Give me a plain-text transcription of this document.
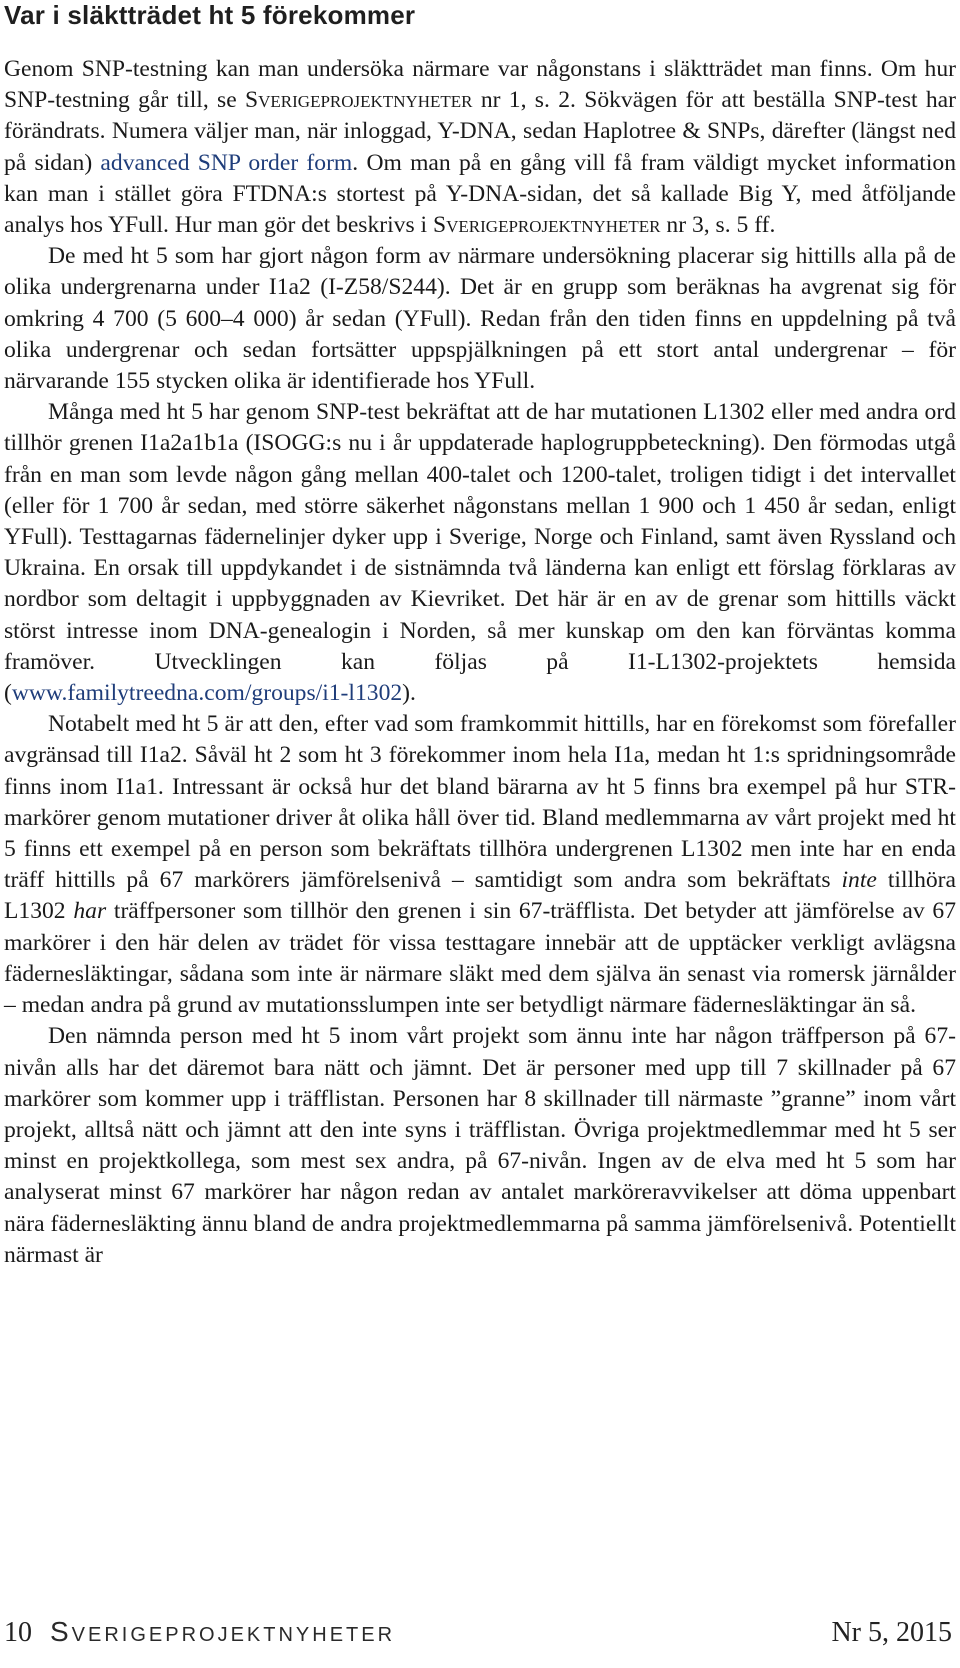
Var i släktträdet ht 5 förekommer

Genom SNP-testning kan man undersöka närmare var någonstans i släktträdet man finns. Om hur SNP-testning går till, se Sverigeprojektnyheter nr 1, s. 2. Sökvägen för att beställa SNP-test har förändrats. Numera väljer man, när inloggad, Y-DNA, sedan Haplotree & SNPs, därefter (längst ned på sidan) advanced SNP order form. Om man på en gång vill få fram väldigt mycket information kan man i stället göra FTDNA:s stortest på Y-DNA-sidan, det så kallade Big Y, med åtföljande analys hos YFull. Hur man gör det beskrivs i Sverigeprojektnyheter nr 3, s. 5 ff.

De med ht 5 som har gjort någon form av närmare undersökning placerar sig hittills alla på de olika undergrenarna under I1a2 (I-Z58/S244). Det är en grupp som beräknas ha avgrenat sig för omkring 4 700 (5 600–4 000) år sedan (YFull). Redan från den tiden finns en uppdelning på två olika undergrenar och sedan fortsätter uppspjälkningen på ett stort antal undergrenar – för närvarande 155 stycken olika är identifierade hos YFull.

Många med ht 5 har genom SNP-test bekräftat att de har mutationen L1302 eller med andra ord tillhör grenen I1a2a1b1a (ISOGG:s nu i år uppdaterade haplogruppbeteckning). Den förmodas utgå från en man som levde någon gång mellan 400-talet och 1200-talet, troligen tidigt i det intervallet (eller för 1 700 år sedan, med större säkerhet någonstans mellan 1 900 och 1 450 år sedan, enligt YFull). Testtagarnas fädernelinjer dyker upp i Sverige, Norge och Finland, samt även Ryssland och Ukraina. En orsak till uppdykandet i de sistnämnda två länderna kan enligt ett förslag förklaras av nordbor som deltagit i uppbyggnaden av Kievriket. Det här är en av de grenar som hittills väckt störst intresse inom DNA-genealogin i Norden, så mer kunskap om den kan förväntas komma framöver. Utvecklingen kan följas på I1-L1302-projektets hemsida (www.familytreedna.com/groups/i1-l1302).

Notabelt med ht 5 är att den, efter vad som framkommit hittills, har en förekomst som förefaller avgränsad till I1a2. Såväl ht 2 som ht 3 förekommer inom hela I1a, medan ht 1:s spridningsområde finns inom I1a1. Intressant är också hur det bland bärarna av ht 5 finns bra exempel på hur STR-markörer genom mutationer driver åt olika håll över tid. Bland medlemmarna av vårt projekt med ht 5 finns ett exempel på en person som bekräftats tillhöra undergrenen L1302 men inte har en enda träff hittills på 67 markörers jämförelsenivå – samtidigt som andra som bekräftats inte tillhöra L1302 har träffpersoner som tillhör den grenen i sin 67-träfflista. Det betyder att jämförelse av 67 markörer i den här delen av trädet för vissa testtagare innebär att de upptäcker verkligt avlägsna fädernesläktingar, sådana som inte är närmare släkt med dem själva än senast via romersk järnålder – medan andra på grund av mutationsslumpen inte ser betydligt närmare fädernesläktingar än så.

Den nämnda person med ht 5 inom vårt projekt som ännu inte har någon träffperson på 67-nivån alls har det däremot bara nätt och jämnt. Det är personer med upp till 7 skillnader på 67 markörer som kommer upp i träfflistan. Personen har 8 skillnader till närmaste ”granne” inom vårt projekt, alltså nätt och jämnt att den inte syns i träfflistan. Övriga projektmedlemmar med ht 5 ser minst en projektkollega, som mest sex andra, på 67-nivån. Ingen av de elva med ht 5 som har analyserat minst 67 markörer har någon redan av antalet marköreravvikelser att döma uppenbart nära fädernesläkting ännu bland de andra projektmedlemmarna på samma jämförelsenivå. Potentiellt närmast är

10 Sverigeprojektnyheter	Nr 5, 2015
